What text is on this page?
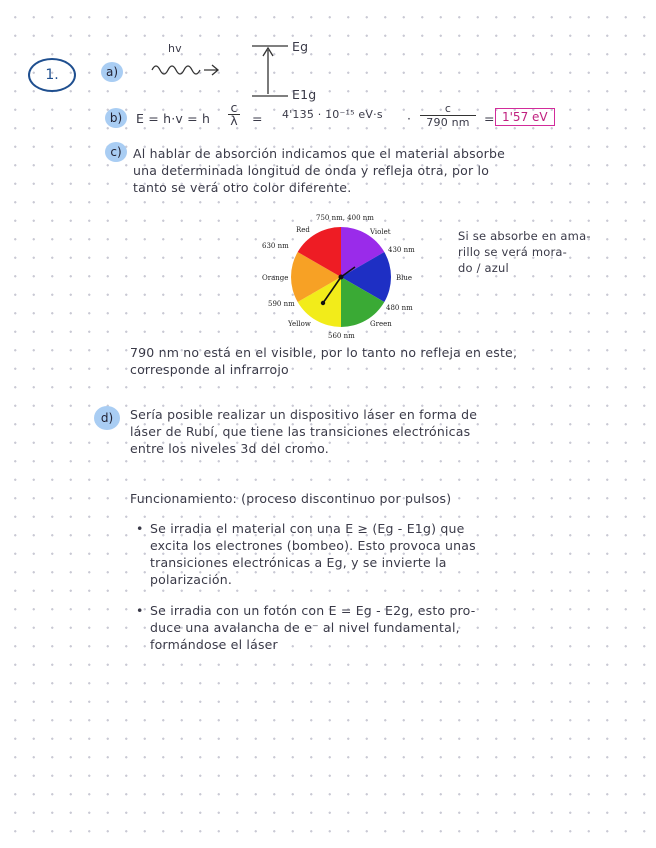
1.	a)
hv	Eg
E1g
b)	E = h·v = h $\frac{c}{\lambda} = 4'135 \cdot 10^{-15}$ $eV\cdot s \cdot \frac{c}{790 nm} = 1'57$ eV
c) Al hablar de absorción indicamos que el material absorbe
una determinada longitud de onda y refleja otra, por lo
tanto se verá otro color diferente.
750 nm, 400 nm
Red	Violet
630 nm	430 nm
Orange	Blue
590 nm	480 nm
Yellow	Green
560 nm
Si se absorbe en ama-
rillo se verá mora-
do / azul
790 nm no está en el visible, por lo tanto no refleja en este,
corresponde al infrarrojo
d)	Sería posible realizar un dispositivo láser en forma de
láser de Rubí, que tiene las transiciones electrónicas
entre los niveles 3d del cromo.
Funcionamiento: (proceso discontinuo por pulsos)
• Se irradia el material con una E ≥ (Eg - E1g) que
excita los electrones (bombeo). Esto provoca unas
transiciones electrónicas a Eg, y se invierte la
polarización.
• Se irradia con un fotón con E = Eg - E2g, esto pro-
duce una avalancha de e⁻ al nivel fundamental,
formándose el láser
